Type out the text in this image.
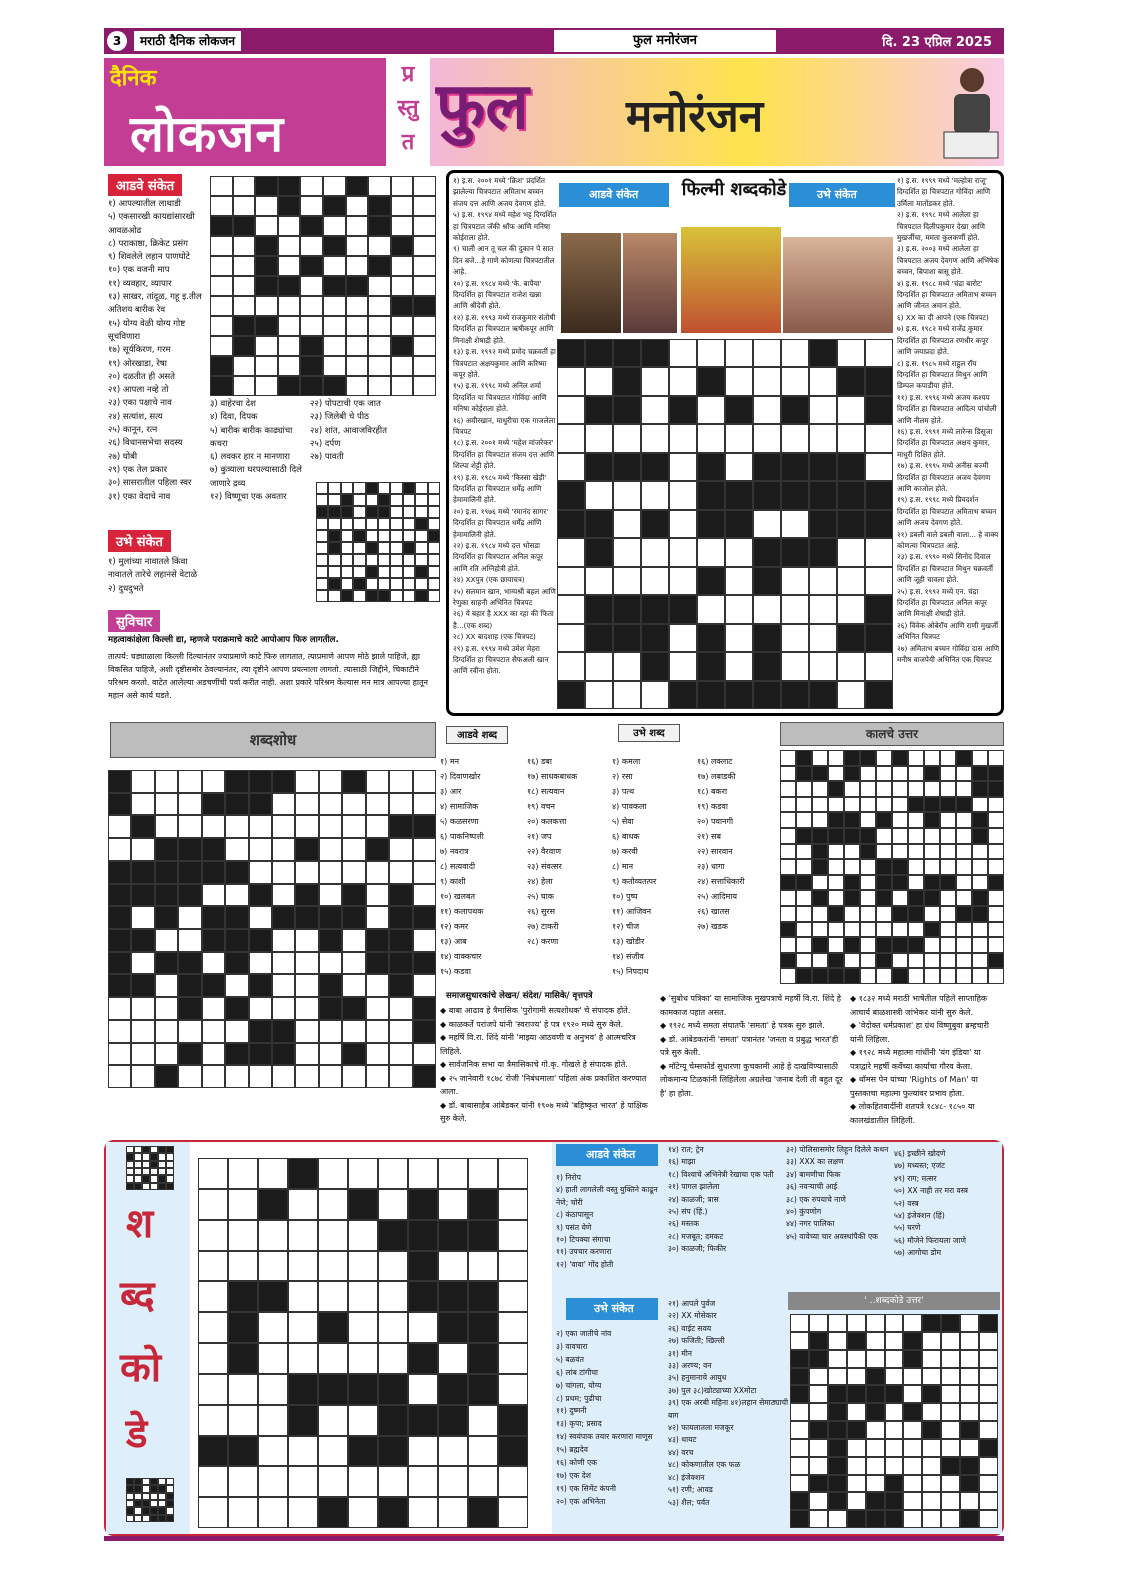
3	मराठी दैनिक लोकजन	फुल मनोरंजन	दि. 23 एप्रिल 2025
दैनिक
लोकजन
प्र स्तु त फुल मनोरंजन
आडवे संकेत
१) आपल्यातील लाथाडी
५) एकसारखी कायद्यांसारखी आवळओढ
८) पराकाष्ठा, क्रिकेट प्रसंग
९) शिवलेले लहान पाणघोटे
१०) एक वजनी माप
११) व्यवहार, व्यापार
१३) साखर, तांदूळ, गहू इ.तील अतिशय बारीक रेव
१५) योग्य वेळी योग्य गोष्ट सूचविणारा
१७) सूर्यकिरण, गरम
१९) ओरखाडा, रेषा
२०) दळतीत ही असते
२१) आपला नव्हे तो
२३) एका पक्षाचे नाव
२४) सत्यांश, सत्य
२५) कानून, रत्न
२६) विधानसभेचा सदस्य
२७) घोबी
२९) एक तेल प्रकार
३०) सासरातील पहिला स्वर
३१) एका वेदाचे नाव
३) वाहेरचा देश
४) दिवा, दिपक
५) बारीक बारीक काढ्यांचा कचरा
६) लवकर हार न मानणारा
७) कुत्र्याला घरपल्यासाठी दिले जाणारे द्रव्य
१२) विष्णूचा एक अवतार
२२) पोपटाची एक जात
२३) जिलेबी चे पीठ
२४) शांत, आवाजविरहीत
२५) दर्पण
२७) पावती
उभे संकेत
१) मुलांच्या नावातले किंवा नावातले तारेचे लहानसे वेटाळे
२) दुधदुभते
सुविचार
महत्वाकांक्षेला किल्ली द्या, म्हणजे पराक्रमाचे काटे आपोआप फिरु लागतील.
तात्पर्य: घड्याळाला किल्ली दिल्यानंतर ज्याप्रमाणे काटे फिरु लागतात, त्याप्रमाणे आपण मोठे झाले पाहिजे, ह्या विकसित पाहिजे, अशी दृष्टीसमोर ठेवल्यानंतर, त्या दृष्टीने आपण प्रयत्नाला लागतो. त्यासाठी जिद्दीने, चिकाटीने परिश्रम करतो. वाटेत आलेल्या अडचणींची पर्वा करीत नाही. अशा प्रकारे परिश्रम केल्यास मन मात्र आपल्या हातून महान असे कार्य घडते.
१) इ.स. २००१ मध्ये 'क्रिश' प्रदर्शित झालेल्या चित्रपटात अमिताभ बच्चन संजय दत्त आणि अजय देवगण होते.
५) इ.स. १९९४ मध्ये महेश भट्ट दिग्दर्शित हा चित्रपटात जॅकी श्रॉफ आणि मनिषा कोईराला होते.
९) चाली आन तू चल की दुकान पे सात दिन बजे...हे गाणे कोणत्या चित्रपटातील आहे.
१०) इ.स. १९८४ मध्ये 'के. बापैया' दिग्दर्शित हा चित्रपटात राजेश खन्ना आणि श्रीदेवी होते.
१२) इ.स. १९९३ मध्ये राजकुमार संतोषी दिग्दर्शित हा चित्रपटात ऋषीकपूर आणि मिनाक्षी शेषाद्री होते.
१३) इ.स. १९९२ मध्ये प्रमोद चक्रवर्ती हा चित्रपटात अक्षयकुमार आणि करिष्मा कपूर होते.
१५) इ.स. १९९८ मध्ये अनिल शर्मा दिग्दर्शित या चित्रपटात गोविंदा आणि मनिषा कोईराला होते.
१६) अमीरखान, माधुरीचा एक गाजलेला चित्रपट
१८) इ.स. २००१ मध्ये 'महेश मांजरेकर' दिग्दर्शित हा चित्रपटात संजय दत्त आणि शिल्पा शेट्टी होते.
१९) इ.स. १९८५ मध्ये 'किस्सा खेड़ी' दिग्दर्शित हा चित्रपटात धर्मेंद्र आणि हेमामालिनी होते.
२०) इ.स. १९७६ मध्ये 'रमानंद सागर' दिग्दर्शित हा चित्रपटात धर्मेंद्र आणि हेमामालिनी होते.
२२) इ.स. १९८४ मध्ये दत्त भोसडा दिग्दर्शित हा चित्रपटात अनिल कपूर आणि रति अग्निहोत्री होते.
२४) XXपुत्र (एक छायाचत्र)
२५) सलमान खान, भाग्यश्री बहल आणि रेणुका साहनी अभिनित चित्रपट
२६) ये बहार है XXX का रहा की फिता है...(एक शब्द)
२८) XX बादशाह (एक चित्रपट)
२९) इ.स. १९९४ मध्ये उमेश मेहरा दिग्दर्शित हा चित्रपटात सैफअली खान आणि रवीना होता.
१) इ.स. १९९९ मध्ये 'मल्होत्रा राजू' दिग्दर्शित हा चित्रपटात गोविंदा आणि उर्मिला मातोंडकर होते.
२) इ.स. १९९८ मध्ये आलेला हा चित्रपटात दिलीपकुमार देखा आणि मुखर्जीचा, ममता कुलकर्णी होते.
३) इ.स. २००३ मध्ये आलेला हा चित्रपटात अजय देवगण आणि अभिषेक बच्चन, बिपाशा बासू होते.
४) इ.स. १९८८ मध्ये 'चंद्रा बारोट' दिग्दर्शित हा चित्रपटात अमिताभ बच्चन आणि जीनत अमान होते.
६) XX का दी आपने (एक चित्रपट)
७) इ.स. १९८२ मध्ये राजेंद्र कुमार दिग्दर्शित हा चित्रपटात रणधीर कपूर आणि जयाप्रदा होते.
८) इ.स. १९८५ मध्ये राहुल रॉय दिग्दर्शित हा चित्रपटात मिथुन आणि डिम्पल कपाडीया होते.
११) इ.स. १९९६ मध्ये अजय कश्यप दिग्दर्शित हा चित्रपटात आदित्य पांचोली आणि नीलम होते.
१६) इ.स. १९९१ मध्ये लारेन्स डिसूजा दिग्दर्शित हा चित्रपटात अक्षय कुमार, माधुरी दिक्षित होते.
१७) इ.स. १९९५ मध्ये अनीस बज्मी दिग्दर्शित हा चित्रपटात अजय देवगण आणि काजोल होते.
१९) इ.स. १९९८ मध्ये प्रियदर्शन दिग्दर्शित हा चित्रपटात अमिताभ बच्चन आणि अजय देवगण होते.
२१) डबली वाले डबली वाला... हे वाक्य कोणत्या चित्रपटात आहे.
२३) इ.स. १९९० मध्ये सिनोद दिवाल दिग्दर्शित हा चित्रपटात मिथुन चक्रवर्ती आणि जूही चावला होते.
२५) इ.स. १९९२ मध्ये एन. चंद्रा दिग्दर्शित हा चित्रपटात अनिल कपूर आणि मिनाक्षी शेषाद्री होते.
२६) विवेक ओबेरॉय आणि राणी मुखर्जी अभिनित चित्रपट
२७) अमिताभ बच्चन गोविंदा दास आणि मनीष वाजपेयी अभिनित एक चित्रपट
आडवे संकेत	उभे संकेत
फिल्मी शब्दकोडे
शब्दशोध	आडवे शब्द	उभे शब्द
१) मन
२) दिवाणखोर
३) आर
४) सामाजिक
५) कळसरणा
६) पाकनिष्पत्ती
७) नवरात्र
८) सत्यवादी
९) काशी
१०) खलबत
११) कलापथक
१२) कमर
१३) आब
१४) वाक्कचार
१५) कडवा
१६) डबा
१७) साधकबाधक
१८) सत्यवान
१९) वचन
२०) कलकत्ता
२१) जप
२२) वैरवाण
२३) संवत्सर
२४) हेला
२५) घाक
२६) सुरस
२७) टाकरी
२८) करणा
१) कमला
२) रसा
३) पत्थ
४) पावकला
५) सेवा
६) बाधक
७) करवी
८) मान
९) कतोव्यतत्पर
१०) पुष्प
११) आजिवन
१२) चीज
१३) खोडीर
१४) संजीव
१५) निपदाथ
१६) लक्लाट
१७) लबाडकी
१८) बकरा
१९) कडवा
२०) पवानगी
२१) सब
२२) सारवान
२३) धागा
२४) सत्ताधिकारी
२५) आदिमाय
२६) खातस
२७) खडक
कालचे उत्तर
समाजसुधारकांचे लेखन/ संदेश/ मासिके/ वृत्तपत्रे
◆ बाबा आढाव हे त्रैमासिक 'पुरोगामी सत्यशोधक' चे संपादक होते.
◆ काळकर्ते परांजपे यांनी 'स्वराज्य' हे पत्र १९२० मध्ये सुरु केले.
◆ महर्षि वि.रा. शिंदे यांनी 'माझ्या आठवणी व अनुभव' हे आत्मचरित्र लिहिले.
◆ सार्वजनिक सभा या त्रैमासिकाचे गो.कृ. गोखले हे संपादक होते.
◆ २५ जानेवारी १८७८ रोजी 'निबंधमाला' पहिला अंक प्रकाशित करण्यात आला.
◆ डॉ. बाबासाहेब आंबेडकर यांनी १९०७ मध्ये 'बहिष्कृत भारत' हे पाक्षिक सुरु केले.
◆ 'सुबोध पत्रिका' या सामाजिक मुखपत्राचे महर्षी वि.रा. शिंदे हे कामकाज पहात असत.
◆ १९२८ मध्ये समता संघातर्फे 'समता' हे पत्रक सुरु झाले.
◆ डॉ. आंबेडकरांनी 'समता' पत्रानंतर 'जनता व प्रबुद्ध भारत'ही पत्रे सुरु केली.
◆ मॉटेग्यू चेम्सफोर्ड सुधारणा कुचकामी आहे हे दाखविण्यासाठी लोकमान्य टिळकांनी लिहिलेला अग्रलेख 'जनाब देली ती बहुत दूर है' हा होता.
◆ १८३२ मध्ये मराठी भाषेतील पहिले साप्ताहिक आचार्य बाळशास्त्री जांभेकर यांनी सुरु केले.
◆ 'वेदोक्त धर्मप्रकाश' हा ग्रंथ विष्णुबुवा ब्रम्हचारी यांनी लिहिला.
◆ १९२८ मध्ये महात्मा गांधींनी 'यंग इंडिया' या पत्राद्वारे महर्षी कर्वेच्या कार्याचा गौरव केला.
◆ थॉमस पेन यांच्या 'Rights of Man' या पुस्तकाचा महात्मा फुल्यांवर प्रभाव होता.
◆ लोकहितवादींनी शतपत्रे १८४८- १८५० या कालखंडातील लिहिली.
श
ब्द
को
डे
आडवे संकेत
१) निरोप
४) हाती लागलेली वस्तु युक्तिने काढून नेणे; चोरी
८) कंठापासून
९) पसंत येणे
१०) टिपक्या संगाचा
११) उपचार करणारा
१२) 'वावा' गोंद होती
१४) रात; ट्रेन
१६) माझा
१८) विश्वाचे अभिनेत्री रेखाचा एक पती
२१) पागल झालेला
२४) काळजी; त्रास
२५) संप (हिं.)
२६) मस्तक
२८) मजबूत; दमकट
३०) काळजी; फिकीर
३२) पोलिसासमोर लिहून दिलेले कथन
३३) XXX का लक्षण
३४) बामणीचा फिक
३६) नवऱ्याची आई
३८) एक रुपयाचे नाणे
४०) कुंपणोग
४४) नगर पालिका
४५) वावेच्या चार अवस्थांपैकी एक
४६) इच्छीने खोदणे
४७) मध्यस्त; एजंट
४९) राग; मत्सर
५०) XX नाही तर मरा वस्त्र
५२) वस्त्र
५४) इंजेक्शन (हिं)
५५) घरणे
५६) मौजेने फिरायला जाणे
५७) आगोचा डोम
उभे संकेत
२) एका जातीचे नांव
३) वावचारा
५) बळवंत
६) लांब टांगीचा
७) चांगला, योग्य
८) प्रथम; पुढीचा
११) दुष्मनी
१३) कृपा; प्रसाद
१४) स्वयंपाक तयार करणारा माणूस
१५) ब्रह्मदेव
१६) कोणी एक
१७) एक देश
१९) एक सिमेंट कंपनी
२०) एक अभिनेता
२१) आपले पुर्वज
२२) XX मोसेकार
२६) वाईट सवय
२७) फजिती; खिल्ली
३१) मीन
३३) अरण्य; वन
३५) हनुमानाचे आयुध
३७) पुल ३८)खोट्याच्या XXमोटा
३९) एक अरबी महिना ४१)लहान सेमाठ्याची बाग
४२) फायलातला मजकूर
४३) थायट
४४) वरच
४८) कोकणातील एक फळ
४८) इंजेक्शन
५१) रणी; आवड
५३) शैल; पर्वत
' ..शब्दकोडे उत्तर'
